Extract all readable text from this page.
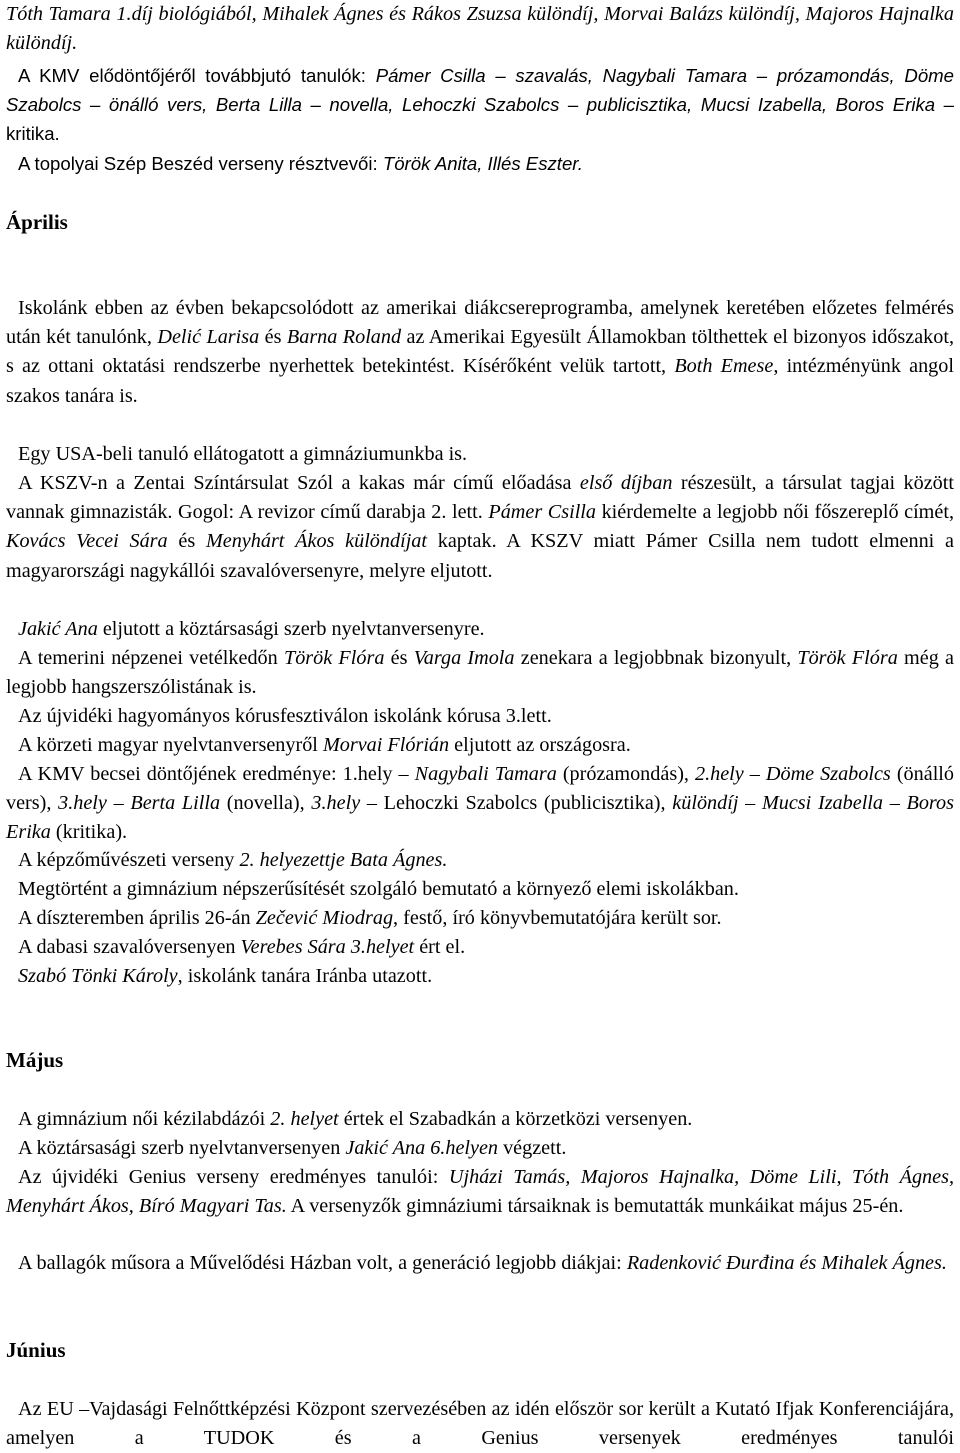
Tóth Tamara 1.díj biológiából, Mihalek Ágnes és Rákos Zsuzsa különdíj, Morvai Balázs különdíj, Majoros Hajnalka különdíj.

A KMV elődöntőjéről továbbjutó tanulók: Pámer Csilla – szavalás, Nagybali Tamara – prózamondás, Döme Szabolcs – önálló vers, Berta Lilla – novella, Lehoczki Szabolcs – publicisztika, Mucsi Izabella, Boros Erika – kritika.

A topolyai Szép Beszéd verseny résztvevői: Török Anita, Illés Eszter.

Április

Iskolánk ebben az évben bekapcsolódott az amerikai diákcsereprogramba, amelynek keretében előzetes felmérés után két tanulónk, Delić Larisa és Barna Roland az Amerikai Egyesült Államokban tölthettek el bizonyos időszakot, s az ottani oktatási rendszerbe nyerhettek betekintést. Kísérőként velük tartott, Both Emese, intézményünk angol szakos tanára is.

Egy USA-beli tanuló ellátogatott a gimnáziumunkba is.

A KSZV-n a Zentai Színtársulat Szól a kakas már című előadása első díjban részesült, a társulat tagjai között vannak gimnazisták. Gogol: A revizor című darabja 2. lett. Pámer Csilla kiérdemelte a legjobb női főszereplő címét, Kovács Vecei Sára és Menyhárt Ákos különdíjat kaptak. A KSZV miatt Pámer Csilla nem tudott elmenni a magyarországi nagykállói szavalóversenyre, melyre eljutott.

Jakić Ana eljutott a köztársasági szerb nyelvtanversenyre.

A temerini népzenei vetélkedőn Török Flóra és Varga Imola zenekara a legjobbnak bizonyult, Török Flóra még a legjobb hangszerszólistának is.

Az újvidéki hagyományos kórusfesztiválon iskolánk kórusa 3.lett.

A körzeti magyar nyelvtanversenyről Morvai Flórián eljutott az országosra.

A KMV becsei döntőjének eredménye: 1.hely – Nagybali Tamara (prózamondás), 2.hely – Döme Szabolcs (önálló vers), 3.hely – Berta Lilla (novella), 3.hely – Lehoczki Szabolcs (publicisztika), különdíj – Mucsi Izabella – Boros Erika (kritika).

A képzőművészeti verseny 2. helyezettje Bata Ágnes.

Megtörtént a gimnázium népszerűsítését szolgáló bemutató a környező elemi iskolákban.

A díszteremben április 26-án Zečević Miodrag, festő, író könyvbemutatójára került sor.

A dabasi szavalóversenyen Verebes Sára 3.helyet ért el.

Szabó Tönki Károly, iskolánk tanára Iránba utazott.

Május

A gimnázium női kézilabdázói 2. helyet értek el Szabadkán a körzetközi versenyen.

A köztársasági szerb nyelvtanversenyen Jakić Ana 6.helyen végzett.

Az újvidéki Genius verseny eredményes tanulói: Ujházi Tamás, Majoros Hajnalka, Döme Lili, Tóth Ágnes, Menyhárt Ákos, Bíró Magyari Tas. A versenyzők gimnáziumi társaiknak is bemutatták munkáikat május 25-én.

A ballagók műsora a Művelődési Házban volt, a generáció legjobb diákjai: Radenković Đurđina és Mihalek Ágnes.

Június

Az EU –Vajdasági Felnőttképzési Központ szervezésében az idén először sor került a Kutató Ifjak Konferenciájára, amelyen a TUDOK és a Genius versenyek eredményes tanulói
